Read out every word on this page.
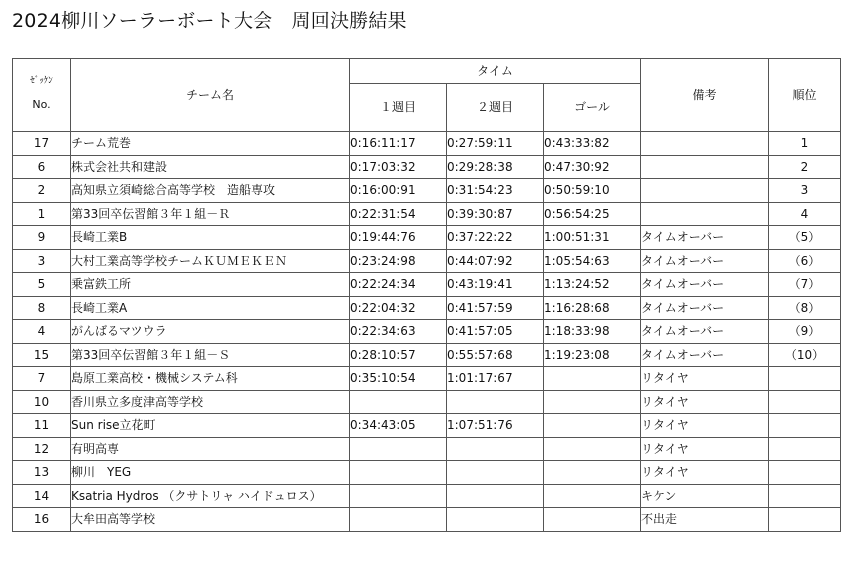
2024柳川ソーラーボート大会　周回決勝結果
ｾﾞｯｹﾝ
No.	チーム名	タイム			備考	順位
		１週目	２週目	ゴール		
17	チーム荒巻	0:16:11:17	0:27:59:11	0:43:33:82		1
6	株式会社共和建設	0:17:03:32	0:29:28:38	0:47:30:92		2
2	高知県立須崎総合高等学校　造船専攻	0:16:00:91	0:31:54:23	0:50:59:10		3
1	第33回卒伝習館３年１組－Ｒ	0:22:31:54	0:39:30:87	0:56:54:25		4
9	長崎工業B	0:19:44:76	0:37:22:22	1:00:51:31	タイムオーバー	（5）
3	大村工業高等学校チームＫＵＭＥＫＥＮ	0:23:24:98	0:44:07:92	1:05:54:63	タイムオーバー	（6）
5	乗富鉄工所	0:22:24:34	0:43:19:41	1:13:24:52	タイムオーバー	（7）
8	長崎工業A	0:22:04:32	0:41:57:59	1:16:28:68	タイムオーバー	（8）
4	がんばるマツウラ	0:22:34:63	0:41:57:05	1:18:33:98	タイムオーバー	（9）
15	第33回卒伝習館３年１組－Ｓ	0:28:10:57	0:55:57:68	1:19:23:08	タイムオーバー	（10）
7	島原工業高校・機械システム科	0:35:10:54	1:01:17:67		リタイヤ	
10	香川県立多度津高等学校				リタイヤ	
11	Sun rise立花町	0:34:43:05	1:07:51:76		リタイヤ	
12	有明高専				リタイヤ	
13	柳川　YEG				リタイヤ	
14	Ksatria Hydros （クサトリャ ハイドュロス）				キケン	
16	大牟田高等学校				不出走	
